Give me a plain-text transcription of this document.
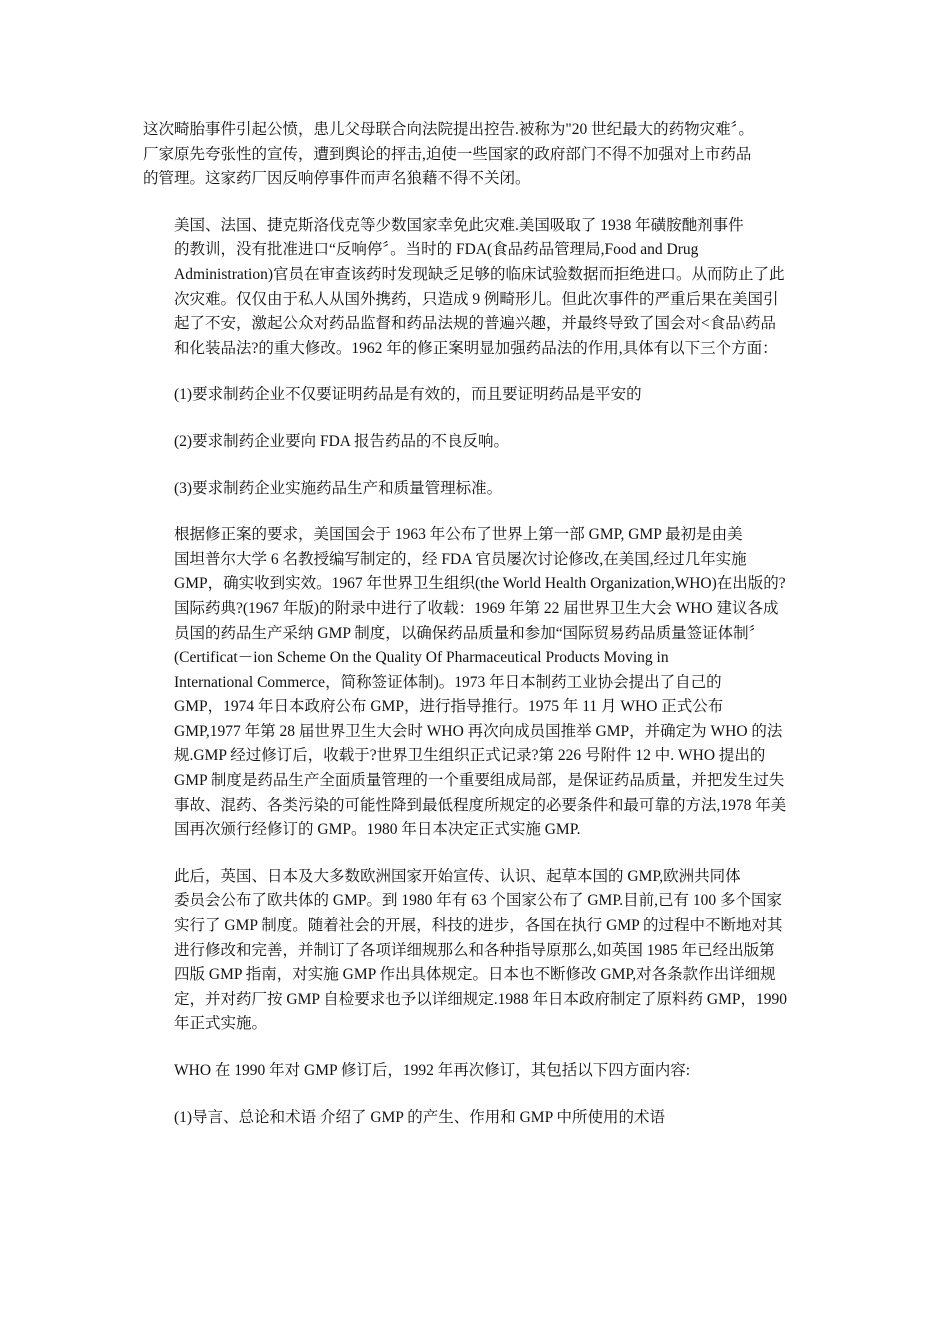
这次畸胎事件引起公愤，患儿父母联合向法院提出控告.被称为"20 世纪最大的药物灾难〞。
厂家原先夸张性的宣传，遭到舆论的抨击,迫使一些国家的政府部门不得不加强对上市药品
的管理。这家药厂因反响停事件而声名狼藉不得不关闭。
美国、法国、捷克斯洛伐克等少数国家幸免此灾难.美国吸取了 1938 年磺胺酏剂事件
的教训，没有批准进口“反响停〞。当时的 FDA(食品药品管理局,Food and Drug
Administration)官员在审查该药时发现缺乏足够的临床试验数据而拒绝进口。从而防止了此
次灾难。仅仅由于私人从国外携药，只造成 9 例畸形儿。但此次事件的严重后果在美国引
起了不安，激起公众对药品监督和药品法规的普遍兴趣，并最终导致了国会对<食品\药品
和化装品法?的重大修改。1962 年的修正案明显加强药品法的作用,具体有以下三个方面：
(1)要求制药企业不仅要证明药品是有效的，而且要证明药品是平安的
(2)要求制药企业要向 FDA 报告药品的不良反响。
(3)要求制药企业实施药品生产和质量管理标准。
根据修正案的要求，美国国会于 1963 年公布了世界上第一部 GMP, GMP 最初是由美
国坦普尔大学 6 名教授编写制定的，经 FDA 官员屡次讨论修改,在美国,经过几年实施
GMP，确实收到实效。1967 年世界卫生组织(the World Health Organization,WHO)在出版的?
国际药典?(1967 年版)的附录中进行了收载：1969 年第 22 届世界卫生大会 WHO 建议各成
员国的药品生产采纳 GMP 制度，以确保药品质量和参加“国际贸易药品质量签证体制〞
(Certificat－ion Scheme On the Quality Of Pharmaceutical Products Moving in
International Commerce，简称签证体制)。1973 年日本制药工业协会提出了自己的
GMP，1974 年日本政府公布 GMP，进行指导推行。1975 年 11 月 WHO 正式公布
GMP,1977 年第 28 届世界卫生大会时 WHO 再次向成员国推举 GMP，并确定为 WHO 的法
规.GMP 经过修订后，收载于?世界卫生组织正式记录?第 226 号附件 12 中. WHO 提出的
GMP 制度是药品生产全面质量管理的一个重要组成局部，是保证药品质量，并把发生过失
事故、混药、各类污染的可能性降到最低程度所规定的必要条件和最可靠的方法,1978 年美
国再次颁行经修订的 GMP。1980 年日本决定正式实施 GMP.
此后，英国、日本及大多数欧洲国家开始宣传、认识、起草本国的 GMP,欧洲共同体
委员会公布了欧共体的 GMP。到 1980 年有 63 个国家公布了 GMP.目前,已有 100 多个国家
实行了 GMP 制度。随着社会的开展，科技的进步，各国在执行 GMP 的过程中不断地对其
进行修改和完善，并制订了各项详细规那么和各种指导原那么,如英国 1985 年已经出版第
四版 GMP 指南，对实施 GMP 作出具体规定。日本也不断修改 GMP,对各条款作出详细规
定，并对药厂按 GMP 自检要求也予以详细规定.1988 年日本政府制定了原料药 GMP，1990
年正式实施。
WHO 在 1990 年对 GMP 修订后，1992 年再次修订，其包括以下四方面内容:
(1)导言、总论和术语 介绍了 GMP 的产生、作用和 GMP 中所使用的术语
